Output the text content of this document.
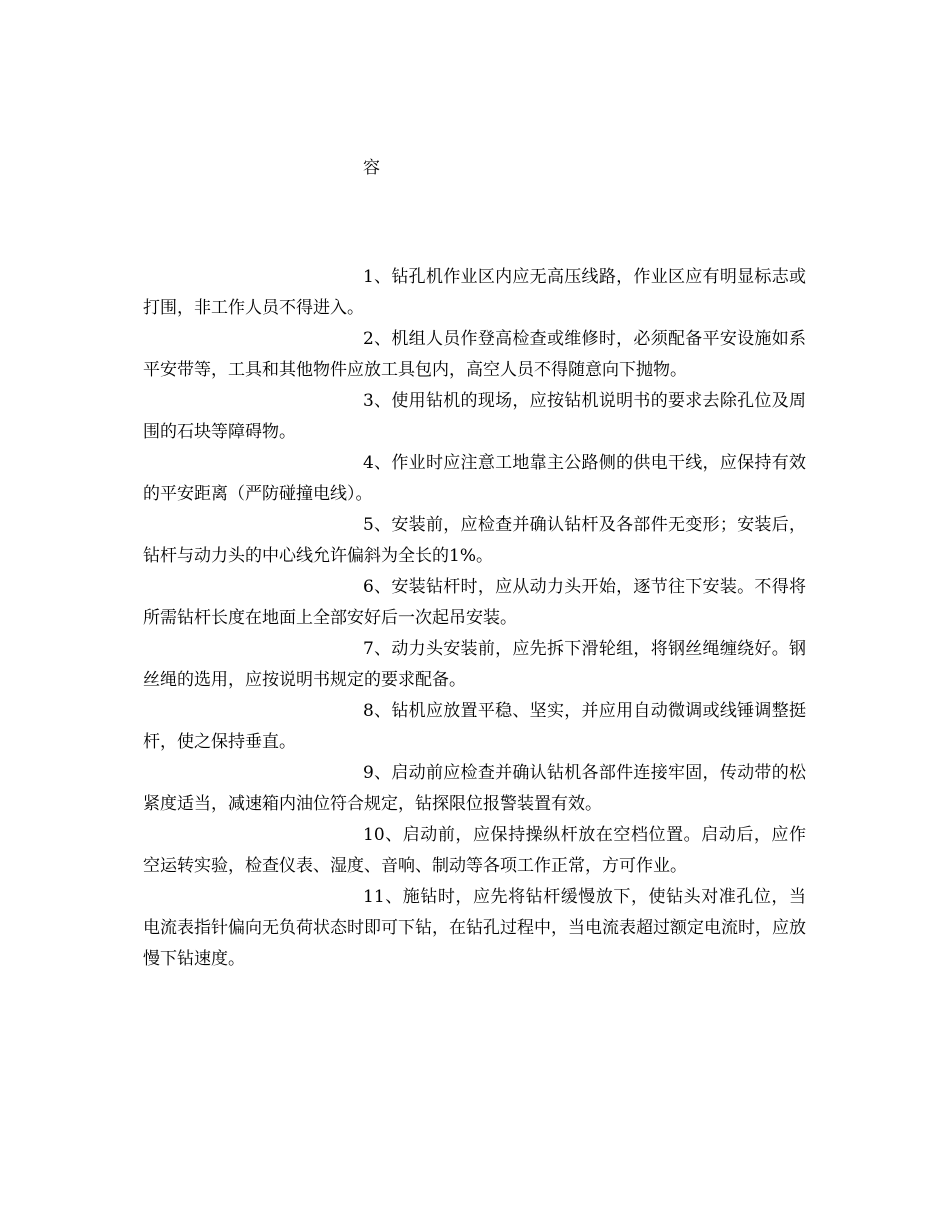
容

1、钻孔机作业区内应无高压线路，作业区应有明显标志或打围，非工作人员不得进入。

2、机组人员作登高检查或维修时，必须配备平安设施如系平安带等，工具和其他物件应放工具包内，高空人员不得随意向下抛物。

3、使用钻机的现场，应按钻机说明书的要求去除孔位及周围的石块等障碍物。

4、作业时应注意工地靠主公路侧的供电干线，应保持有效的平安距离（严防碰撞电线）。

5、安装前，应检查并确认钻杆及各部件无变形；安装后，钻杆与动力头的中心线允许偏斜为全长的1%。

6、安装钻杆时，应从动力头开始，逐节往下安装。不得将所需钻杆长度在地面上全部安好后一次起吊安装。

7、动力头安装前，应先拆下滑轮组，将钢丝绳缠绕好。钢丝绳的选用，应按说明书规定的要求配备。

8、钻机应放置平稳、坚实，并应用自动微调或线锤调整挺杆，使之保持垂直。

9、启动前应检查并确认钻机各部件连接牢固，传动带的松紧度适当，减速箱内油位符合规定，钻探限位报警装置有效。

10、启动前，应保持操纵杆放在空档位置。启动后，应作空运转实验，检查仪表、湿度、音响、制动等各项工作正常，方可作业。

11、施钻时，应先将钻杆缓慢放下，使钻头对准孔位，当电流表指针偏向无负荷状态时即可下钻，在钻孔过程中，当电流表超过额定电流时，应放慢下钻速度。
